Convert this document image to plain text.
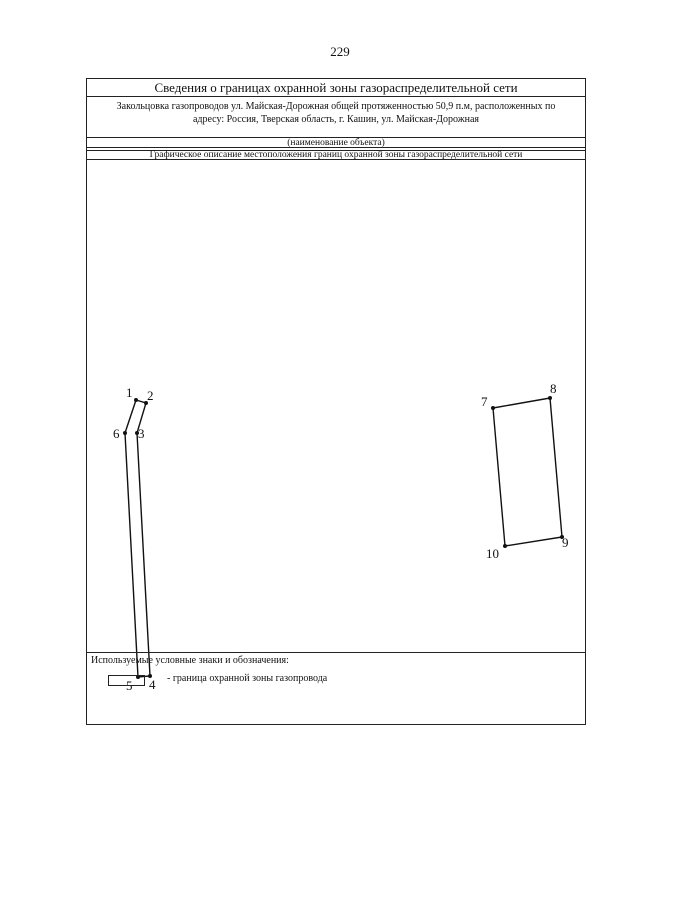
229
Сведения о границах охранной зоны газораспределительной сети
Закольцовка газопроводов ул. Майская-Дорожная общей протяженностью 50,9 п.м, расположенных по
адресу: Россия, Тверская область, г. Кашин, ул. Майская-Дорожная
(наименование объекта)
Графическое описание местоположения границ охранной зоны газораспределительной сети
1 2
3
4
5
6
7
8
9
10
Используемые условные знаки и обозначения:
- граница охранной зоны газопровода
